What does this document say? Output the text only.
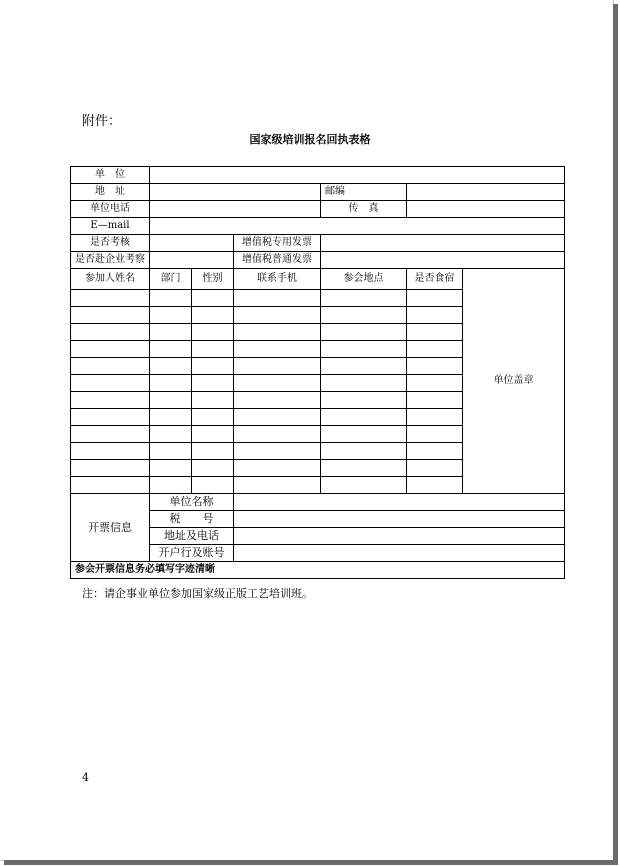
附件：
国家级培训报名回执表格
单　位						
地　址				邮编		
单位电话				传　真		
E—mail						
是否考核			增值税专用发票			
是否赴企业考察			增值税普通发票			
参加人姓名	部门	性别	联系手机	参会地点	是否食宿	单位盖章

开票信息	单位名称					
	税　　号					
	地址及电话					
	开户行及账号					
参会开票信息务必填写字迹清晰						
注：请企事业单位参加国家级正版工艺培训班。
4
